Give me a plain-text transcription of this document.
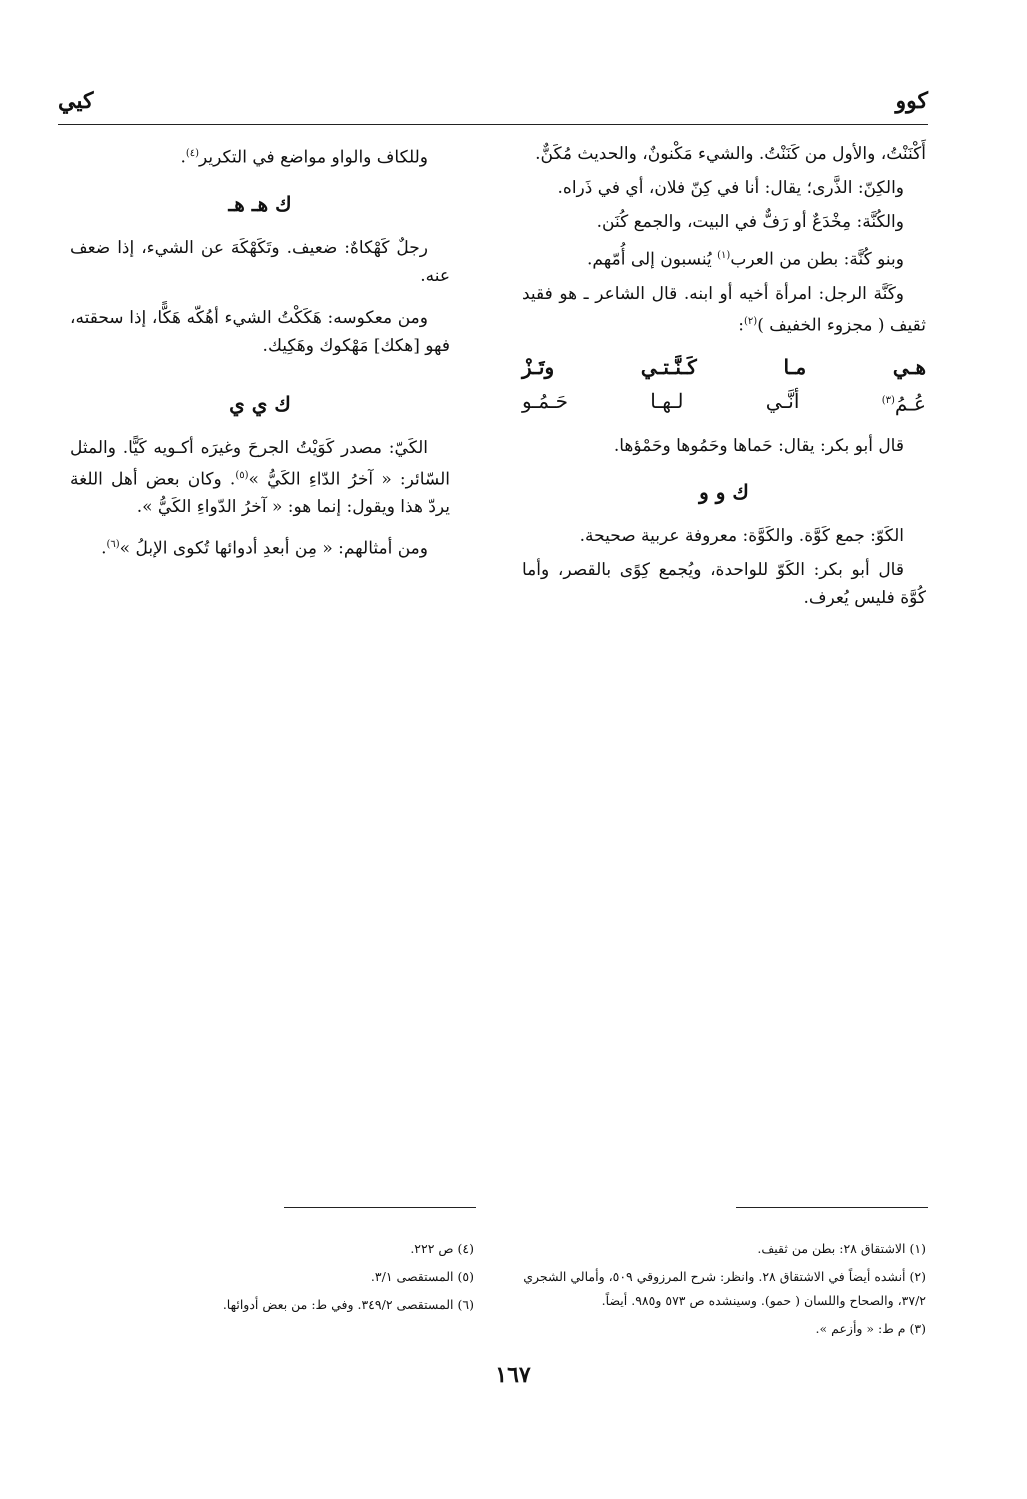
كوو
كيي

أَكْنَنْتُ، والأول من كَنَنْتُ. والشيء مَكْنونٌ، والحديث مُكَنٌّ.

والكِنّ: الذَّرى؛ يقال: أنا في كِنّ فلان، أي في ذَراه.

والكُنَّة: مِخْدَعٌ أو رَفٌّ في البيت، والجمع كُنَن.

وبنو كُنَّة: بطن من العرب$^{(١)}$ يُنسبون إلى أُمّهم.

وكَنَّة الرجل: امرأة أخيه أو ابنه. قال الشاعر ـ هو فقيد ثقيف ( مجزوء الخفيف )$^{(٢)}$:

هـي
مـا
كَـنَّـتـي
وتَـزْ
عُـمُ$^{(٣)}$
أنَّـي
لـهـا
حَـمُـو

قال أبو بكر: يقال: حَماها وحَمُوها وحَمْؤها.

ك و و

الكَوّ: جمع كَوَّة. والكَوَّة: معروفة عربية صحيحة.

قال أبو بكر: الكَوّ للواحدة، ويُجمع كِوًى بالقصر، وأما كُوَّة فليس يُعرف.

وللكاف والواو مواضع في التكرير$^{(٤)}$.

ك هـ هـ

رجلٌ كَهْكاهٌ: ضعيف. وتَكَهْكَهَ عن الشيء، إذا ضعف عنه.

ومن معكوسه: هَكَكْتُ الشيء أهُكّه هَكًّا، إذا سحقته، فهو [هكك] مَهْكوك وهَكِيك.

ك ي ي

الكَيّ: مصدر كَوَيْتُ الجرحَ وغيرَه أكـويه كَيًّا. والمثل السّائر: « آخرُ الدّاءِ الكَيُّ »$^{(٥)}$. وكان بعض أهل اللغة يردّ هذا ويقول: إنما هو: « آخرُ الدّواءِ الكَيُّ ».

ومن أمثالهم: « مِن أبعدِ أدوائها تُكوى الإبلُ »$^{(٦)}$.

(١) الاشتقاق ٢٨: بطن من ثقيف.
(٢) أنشده أيضاً في الاشتقاق ٢٨. وانظر: شرح المرزوقي ٥٠٩، وأمالي الشجري ٣٧/٢، والصحاح واللسان ( حمو). وسينشده ص ٥٧٣ و٩٨٥. أيضاً.
(٣) م ط: « وأزعم ».
(٤) ص ٢٢٢.
(٥) المستقصى ٣/١.
(٦) المستقصى ٣٤٩/٢. وفي ط: من بعض أدوائها.
١٦٧
